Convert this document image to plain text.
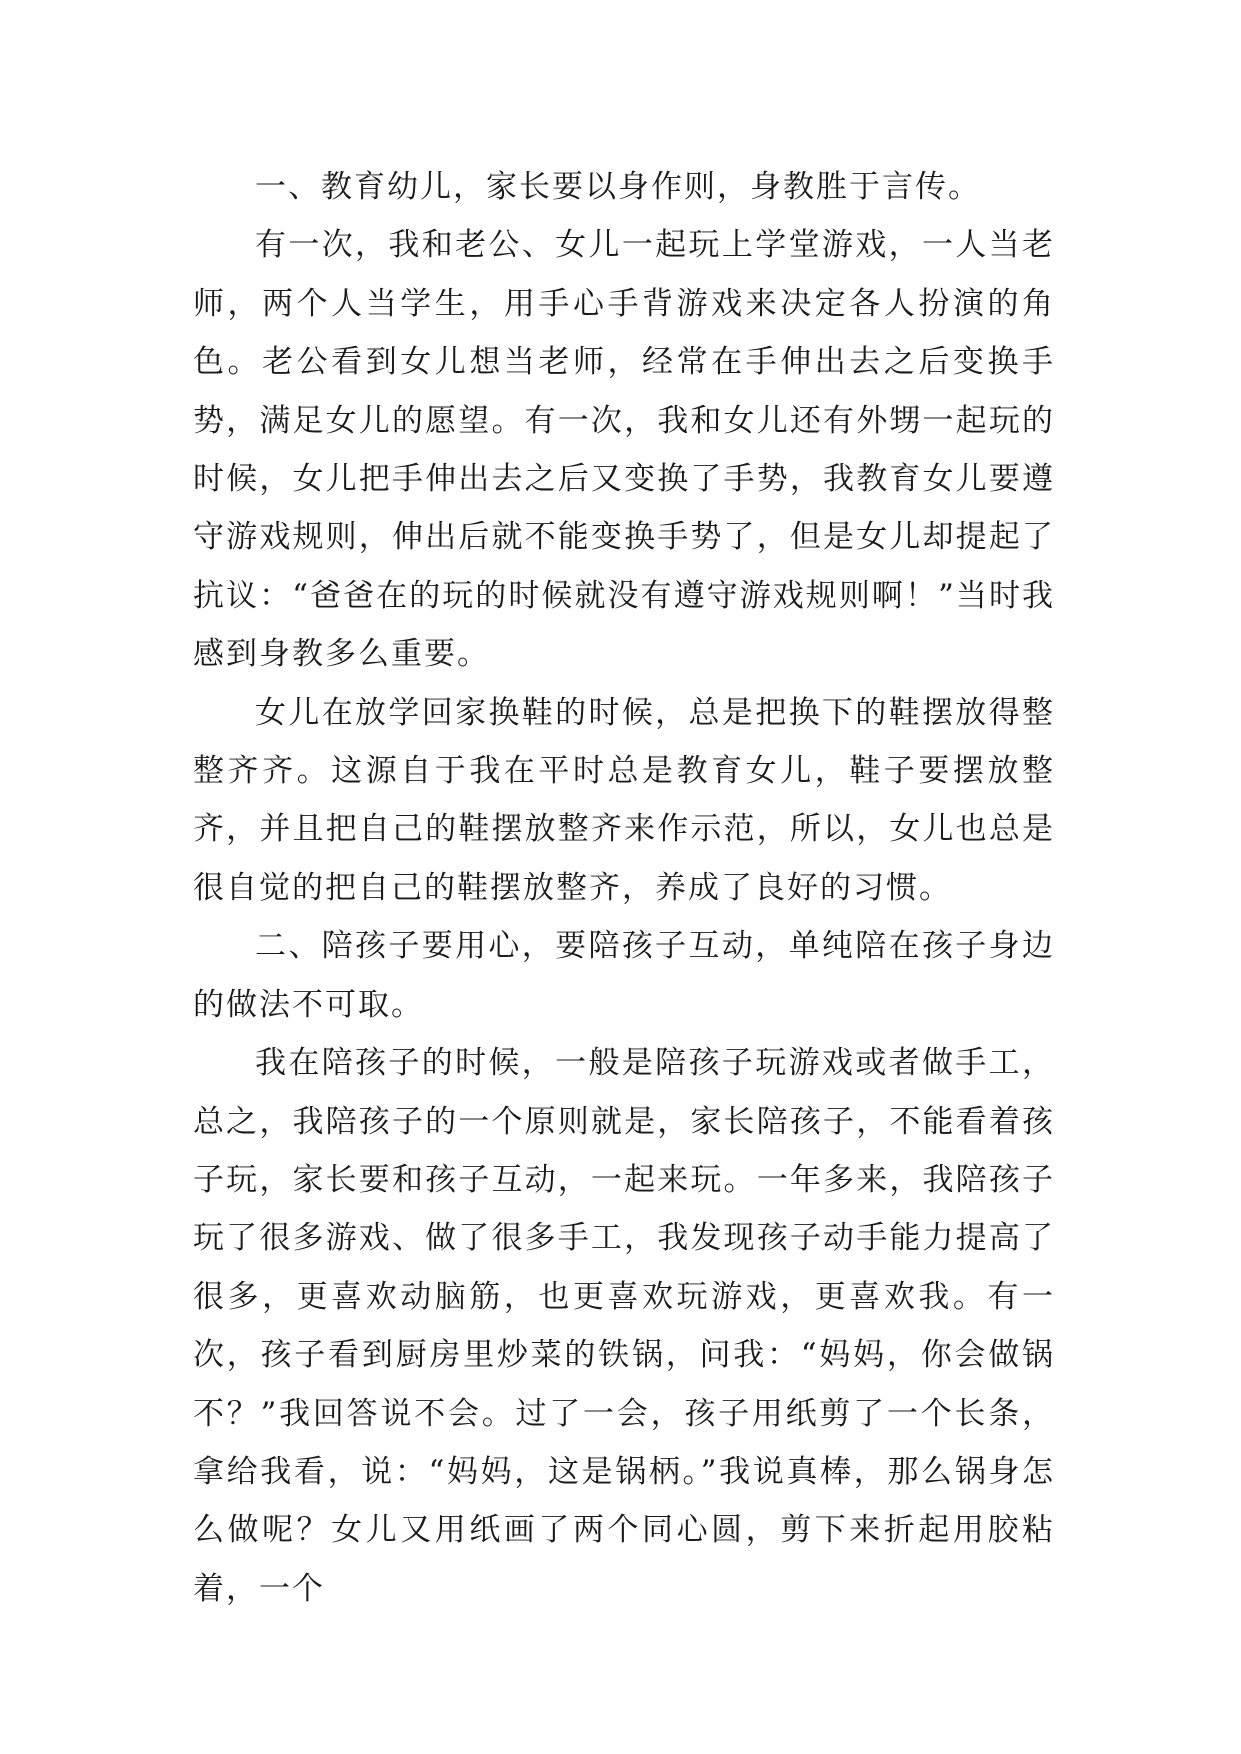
一、教育幼儿，家长要以身作则，身教胜于言传。

有一次，我和老公、女儿一起玩上学堂游戏，一人当老师，两个人当学生，用手心手背游戏来决定各人扮演的角色。老公看到女儿想当老师，经常在手伸出去之后变换手势，满足女儿的愿望。有一次，我和女儿还有外甥一起玩的时候，女儿把手伸出去之后又变换了手势，我教育女儿要遵守游戏规则，伸出后就不能变换手势了，但是女儿却提起了抗议：“爸爸在的玩的时候就没有遵守游戏规则啊！”当时我感到身教多么重要。

女儿在放学回家换鞋的时候，总是把换下的鞋摆放得整整齐齐。这源自于我在平时总是教育女儿，鞋子要摆放整齐，并且把自己的鞋摆放整齐来作示范，所以，女儿也总是很自觉的把自己的鞋摆放整齐，养成了良好的习惯。

二、陪孩子要用心，要陪孩子互动，单纯陪在孩子身边的做法不可取。

我在陪孩子的时候，一般是陪孩子玩游戏或者做手工，总之，我陪孩子的一个原则就是，家长陪孩子，不能看着孩子玩，家长要和孩子互动，一起来玩。一年多来，我陪孩子玩了很多游戏、做了很多手工，我发现孩子动手能力提高了很多，更喜欢动脑筋，也更喜欢玩游戏，更喜欢我。有一次，孩子看到厨房里炒菜的铁锅，问我：“妈妈，你会做锅不？”我回答说不会。过了一会，孩子用纸剪了一个长条，拿给我看，说：“妈妈，这是锅柄。”我说真棒，那么锅身怎么做呢？女儿又用纸画了两个同心圆，剪下来折起用胶粘着，一个
